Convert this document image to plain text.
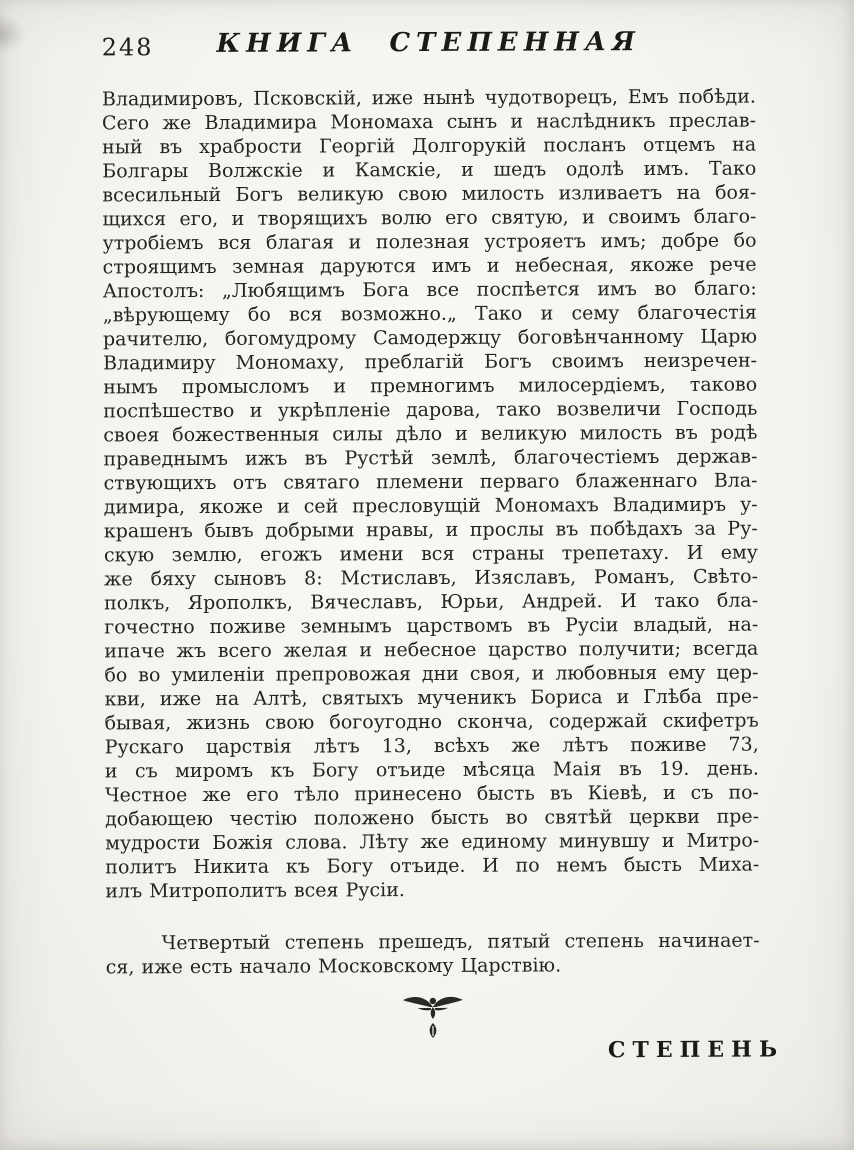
248	КНИГА СТЕПЕННАЯ
Владимировъ, Псковскій, иже нынѣ чудотворецъ, Емъ побѣди.
Сего же Владимира Мономаха сынъ и наслѣдникъ преслав-
ный въ храбрости Георгій Долгорукій посланъ отцемъ на
Болгары Волжскіе и Камскіе, и шедъ одолѣ имъ. Тако
всесильный Богъ великую свою милость изливаетъ на боя-
щихся его, и творящихъ волю его святую, и своимъ благо-
утробіемъ вся благая и полезная устрояетъ имъ; добре бо
строящимъ земная даруются имъ и небесная, якоже рече
Апостолъ: „Любящимъ Бога все поспѣется имъ во благо:
„вѣрующему бо вся возможно.„ Тако и сему благочестія
рачителю, богомудрому Самодержцу боговѣнчанному Царю
Владимиру Мономаху, преблагій Богъ своимъ неизречен-
нымъ промысломъ и премногимъ милосердіемъ, таково
поспѣшество и укрѣпленіе дарова, тако возвеличи Господь
своея божественныя силы дѣло и великую милость въ родѣ
праведнымъ ижъ въ Рустѣй землѣ, благочестіемъ держав-
ствующихъ отъ святаго племени перваго блаженнаго Вла-
димира, якоже и сей пресловущій Мономахъ Владимиръ у-
крашенъ бывъ добрыми нравы, и прослы въ побѣдахъ за Ру-
скую землю, егожъ имени вся страны трепетаху. И ему
же бяху сыновъ 8: Мстиславъ, Изяславъ, Романъ, Свѣто-
полкъ, Ярополкъ, Вячеславъ, Юрьи, Андрей. И тако бла-
гочестно поживе земнымъ царствомъ въ Русіи владый, на-
ипаче жъ всего желая и небесное царство получити; всегда
бо во умиленіи препровожая дни своя, и любовныя ему цер-
кви, иже на Алтѣ, святыхъ мученикъ Бориса и Глѣба пре-
бывая, жизнь свою богоугодно сконча, содержай скифетръ
Рускаго царствія лѣтъ 13, всѣхъ же лѣтъ поживе 73,
и съ миромъ къ Богу отъиде мѣсяца Маія въ 19. день.
Честное же его тѣло принесено бысть въ Кіевѣ, и съ по-
добающею честію положено бысть во святѣй церкви пре-
мудрости Божія слова. Лѣту же единому минувшу и Митро-
политъ Никита къ Богу отъиде. И по немъ бысть Миха-
илъ Митрополитъ всея Русіи.
Четвертый степень прешедъ, пятый степень начинает-
ся, иже есть начало Московскому Царствію.
СТЕПЕНЬ
